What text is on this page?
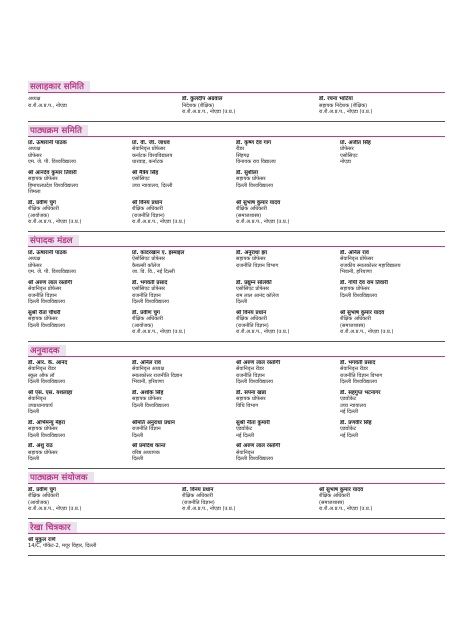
सलाहकार समिति
अध्यक्ष
रा.शै.अ.प्र.प., नोएडा
डॉ. कुलदीप अग्रवाल
निदेशक (शैक्षिक)
रा.शै.अ.प्र.प., नोएडा (उ.प्र.)
डॉ. रचना भाटिया
सहायक निदेशक (शैक्षिक)
रा.शै.अ.प्र.प., नोएडा (उ.प्र.)
पाठ्यक्रम समिति
प्रो. ऊषारानी पाठक
अध्यक्ष
प्रोफेसर
एम. जे. पी. विश्वविद्यालय
प्रो. वी. जी. जाधव
सेवानिवृत्त प्रोफेसर
कर्नाटक विश्वविद्यालय
धारवाड़, कर्नाटक
डॉ. कृष्ण देव गाग
रीडर
सिंहगढ़
विनायक राव विद्यालय
प्रो. अजीत सिंह
प्रोफेसर
एसोसिएट
नोएडा
श्री आनंदेव कुमार तिवारी
सहायक प्रोफेसर
हिमाचलप्रदेश विश्वविद्यालय
शिमला
श्री मैत्रेय सिंह
एसोसिएट
उच्च न्यायालय, दिल्ली
डॉ. सुशीला
सहायक प्रोफेसर
दिल्ली विश्वविद्यालय
डॉ. प्रवीण चुग
शैक्षिक अधिकारी
(आयोजक)
रा.शै.अ.प्र.प., नोएडा (उ.प्र.)
श्री विनय प्रधान
शैक्षिक अधिकारी
(राजनीति विज्ञान)
रा.शै.अ.प्र.प., नोएडा (उ.प्र.)
श्री सुभाष कुमार यादव
शैक्षिक अधिकारी
(समाजशास्त्र)
रा.शै.अ.प्र.प., नोएडा (उ.प्र.)
संपादक मंडल
प्रो. ऊषारानी पाठक
अध्यक्ष
प्रोफेसर
एम. जे. पी. विश्वविद्यालय
प्रो. कादरखान ए. इस्माइल
ऐसोसिएट प्रोफेसर
कैबल्सी कॉलेज
जा. वि. वि., नई दिल्ली
डॉ. अनुराधा झा
सहायक प्रोफेसर
राजनीति विज्ञान विभाग
डॉ. अनिल राव
सेवानिवृत्त प्रोफेसर
राजकीय स्नातकोत्तर महाविद्यालय
भिवानी, हरियाणा
श्री अरुण लाल रस्तोगी
सेवानिवृत्त प्रोफेसर
राजनीति विज्ञान
दिल्ली विश्वविद्यालय
डॉ. भगवती प्रसाद
एसोसिएट प्रोफेसर
राजनीति विज्ञान
दिल्ली विश्वविद्यालय
डॉ. प्रद्युम्न सोलंकी
एसोसिएट प्रोफेसर
राम लाल आनंद कॉलेज
दिल्ली
डॉ. गोपी देव राम तिवारी
सहायक प्रोफेसर
दिल्ली विश्वविद्यालय
सुश्री रीता चौधरी
सहायक प्रोफेसर
दिल्ली विश्वविद्यालय
डॉ. प्रवीण चुग
शैक्षिक अधिकारी
(आयोजक)
रा.शै.अ.प्र.प., नोएडा (उ.प्र.)
श्री विनय प्रधान
शैक्षिक अधिकारी
(राजनीति विज्ञान)
रा.शै.अ.प्र.प., नोएडा (उ.प्र.)
श्री सुभाष कुमार यादव
शैक्षिक अधिकारी
(समाजशास्त्र)
रा.शै.अ.प्र.प., नोएडा (उ.प्र.)
अनुवादक
डॉ. आर. के. आनंद
सेवानिवृत्त रीडर
स्कूल ऑफ लॉ
दिल्ली विश्वविद्यालय
डॉ. अनिल राव
सेवानिवृत्त अध्यक्ष
स्नातकोत्तर राजनीति विज्ञान
भिवानी, हरियाणा
श्री अरुण लाल रस्तोगी
सेवानिवृत्त रीडर
राजनीति विज्ञान
दिल्ली विश्वविद्यालय
डॉ. भगवती प्रसाद
सेवानिवृत्त रीडर
राजनीति विज्ञान विभाग
दिल्ली विश्वविद्यालय
श्री एस. एस. यशलाहा
सेवानिवृत्त
उपप्रधानाचार्य
दिल्ली
डॉ. अशोक सिंह
सहायक प्रोफेसर
दिल्ली विश्वविद्यालय
डॉ. सपना खन्ना
सहायक प्रोफेसर
विधि विभाग
डॉ. सहगुप्त भटनागर
एडवोकेट
उच्च न्यायालय
नई दिल्ली
डॉ. अभिमन्यु मेहरा
सहायक प्रोफेसर
दिल्ली विश्वविद्यालय
श्रीमति अनुराधा प्रधान
राजनीति विज्ञान
दिल्ली
सुश्री नीता कुमारी
एडवोकेट
नई दिल्ली
डॉ. प्रणवीर सिंह
एडवोकेट
नई दिल्ली
डॉ. अंशु राठ
सहायक प्रोफेसर
दिल्ली
श्री प्रमोदेश कान्त
वरिष्ठ अध्यापक
दिल्ली
श्री अरुण लाल रस्तोगी
सेवानिवृत्त
दिल्ली विश्वविद्यालय
पाठ्यक्रम संयोजक
डॉ. प्रवीण चुग
शैक्षिक अधिकारी
(आयोजक)
रा.शै.अ.प्र.प., नोएडा (उ.प्र.)
डॉ. विनय प्रधान
शैक्षिक अधिकारी
(राजनीति विज्ञान)
रा.शै.अ.प्र.प., नोएडा (उ.प्र.)
श्री सुभाष कुमार यादव
शैक्षिक अधिकारी
(समाजशास्त्र)
रा.शै.अ.प्र.प., नोएडा (उ.प्र.)
रेखा चित्रकार
श्री मुकुल राणे
14/C, पॉकेट-2, मयूर विहार, दिल्ली
